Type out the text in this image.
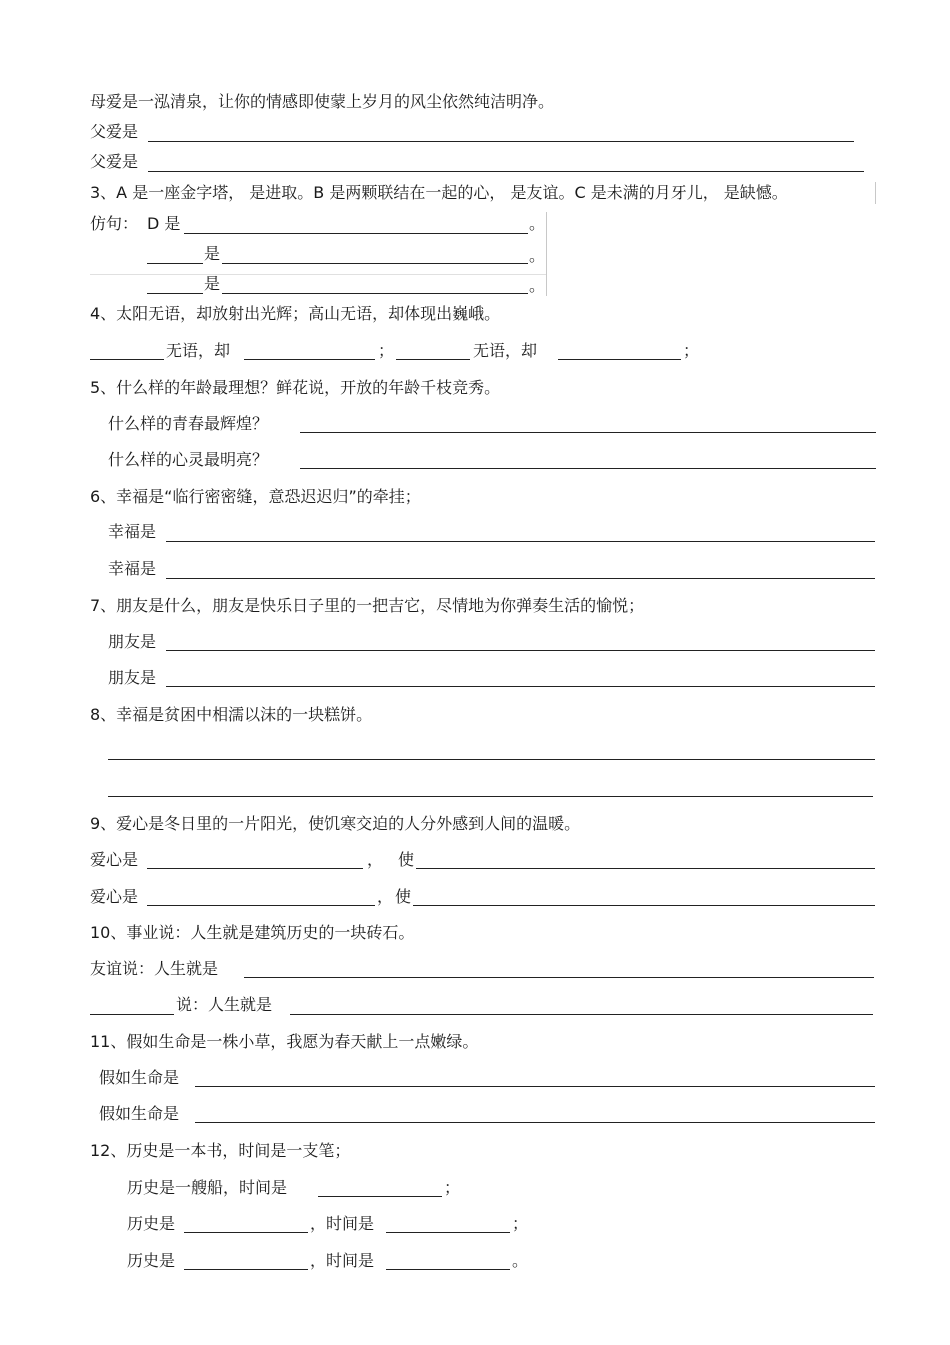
母爱是一泓清泉，让你的情感即使蒙上岁月的风尘依然纯洁明净。
父爱是
父爱是
3、A 是一座金字塔， 是进取。B 是两颗联结在一起的心， 是友谊。C 是未满的月牙儿， 是缺憾。
仿句： D 是	。
是	。
是	。
4、太阳无语，却放射出光辉；高山无语，却体现出巍峨。
无语，却	；	无语，却	；
5、什么样的年龄最理想？鲜花说，开放的年龄千枝竞秀。
什么样的青春最辉煌？
什么样的心灵最明亮？
6、幸福是“临行密密缝，意恐迟迟归”的牵挂；
幸福是
幸福是
7、朋友是什么，朋友是快乐日子里的一把吉它，尽情地为你弹奏生活的愉悦；
朋友是
朋友是
8、幸福是贫困中相濡以沫的一块糕饼。
9、爱心是冬日里的一片阳光，使饥寒交迫的人分外感到人间的温暖。
爱心是	， 使
爱心是	， 使
10、事业说：人生就是建筑历史的一块砖石。
友谊说：人生就是
说：人生就是
11、假如生命是一株小草，我愿为春天献上一点嫩绿。
假如生命是
假如生命是
12、历史是一本书，时间是一支笔；
历史是一艘船，时间是	；
历史是	，时间是	；
历史是	，时间是	。
